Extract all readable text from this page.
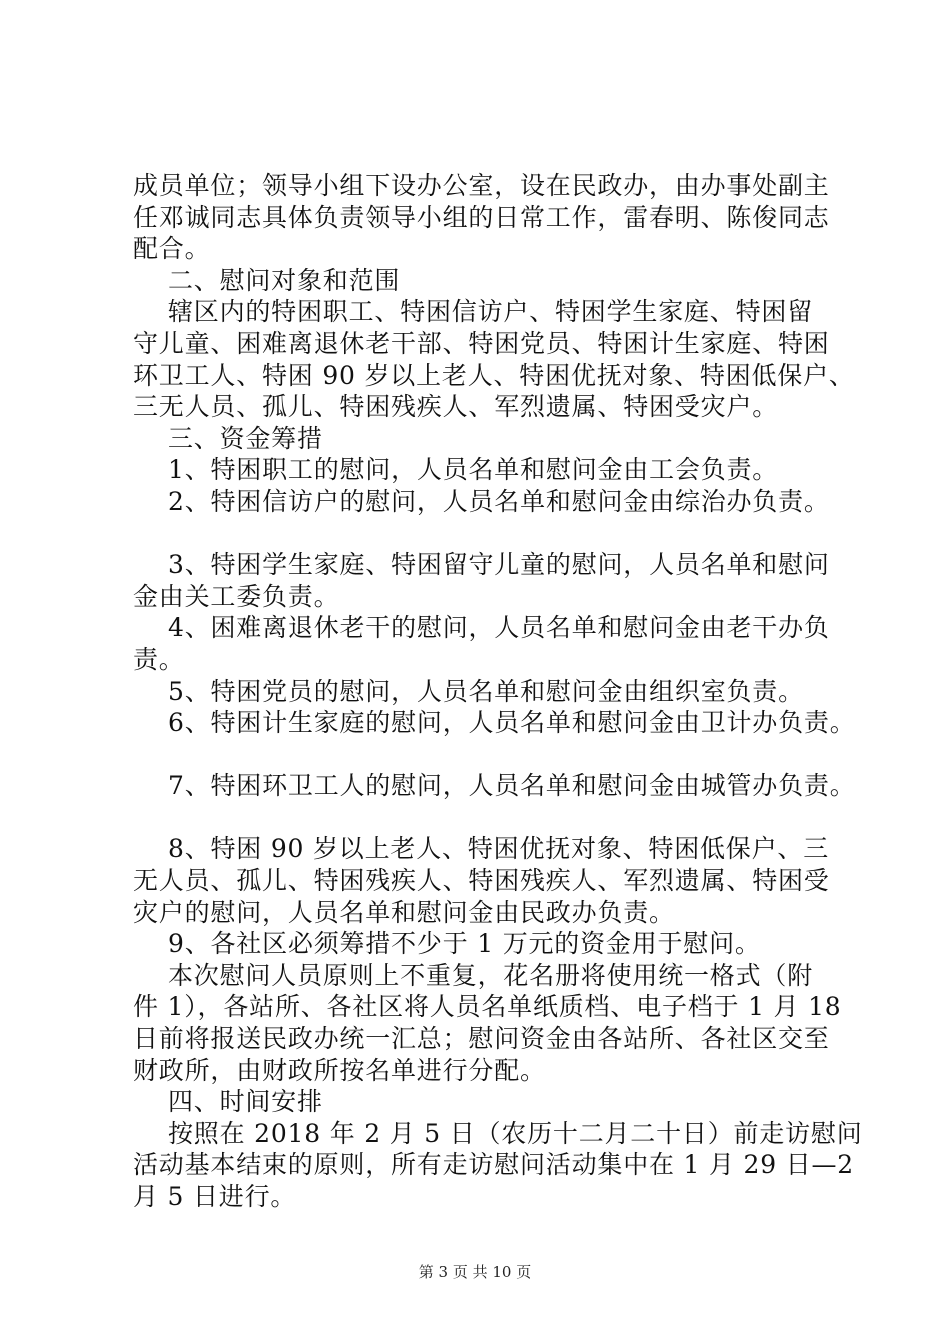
成员单位；领导小组下设办公室，设在民政办，由办事处副主
任邓诚同志具体负责领导小组的日常工作，雷春明、陈俊同志
配合。
二、慰问对象和范围
辖区内的特困职工、特困信访户、特困学生家庭、特困留
守儿童、困难离退休老干部、特困党员、特困计生家庭、特困
环卫工人、特困 90 岁以上老人、特困优抚对象、特困低保户、
三无人员、孤儿、特困残疾人、军烈遗属、特困受灾户。
三、资金筹措
1、特困职工的慰问，人员名单和慰问金由工会负责。
2、特困信访户的慰问，人员名单和慰问金由综治办负责。
3、特困学生家庭、特困留守儿童的慰问，人员名单和慰问
金由关工委负责。
4、困难离退休老干的慰问，人员名单和慰问金由老干办负
责。
5、特困党员的慰问，人员名单和慰问金由组织室负责。
6、特困计生家庭的慰问，人员名单和慰问金由卫计办负责。
7、特困环卫工人的慰问，人员名单和慰问金由城管办负责。
8、特困 90 岁以上老人、特困优抚对象、特困低保户、三
无人员、孤儿、特困残疾人、特困残疾人、军烈遗属、特困受
灾户的慰问，人员名单和慰问金由民政办负责。
9、各社区必须筹措不少于 1 万元的资金用于慰问。
本次慰问人员原则上不重复，花名册将使用统一格式（附
件 1），各站所、各社区将人员名单纸质档、电子档于 1 月 18
日前将报送民政办统一汇总；慰问资金由各站所、各社区交至
财政所，由财政所按名单进行分配。
四、时间安排
按照在 2018 年 2 月 5 日（农历十二月二十日）前走访慰问
活动基本结束的原则，所有走访慰问活动集中在 1 月 29 日—2
月 5 日进行。
第 3 页 共 10 页
